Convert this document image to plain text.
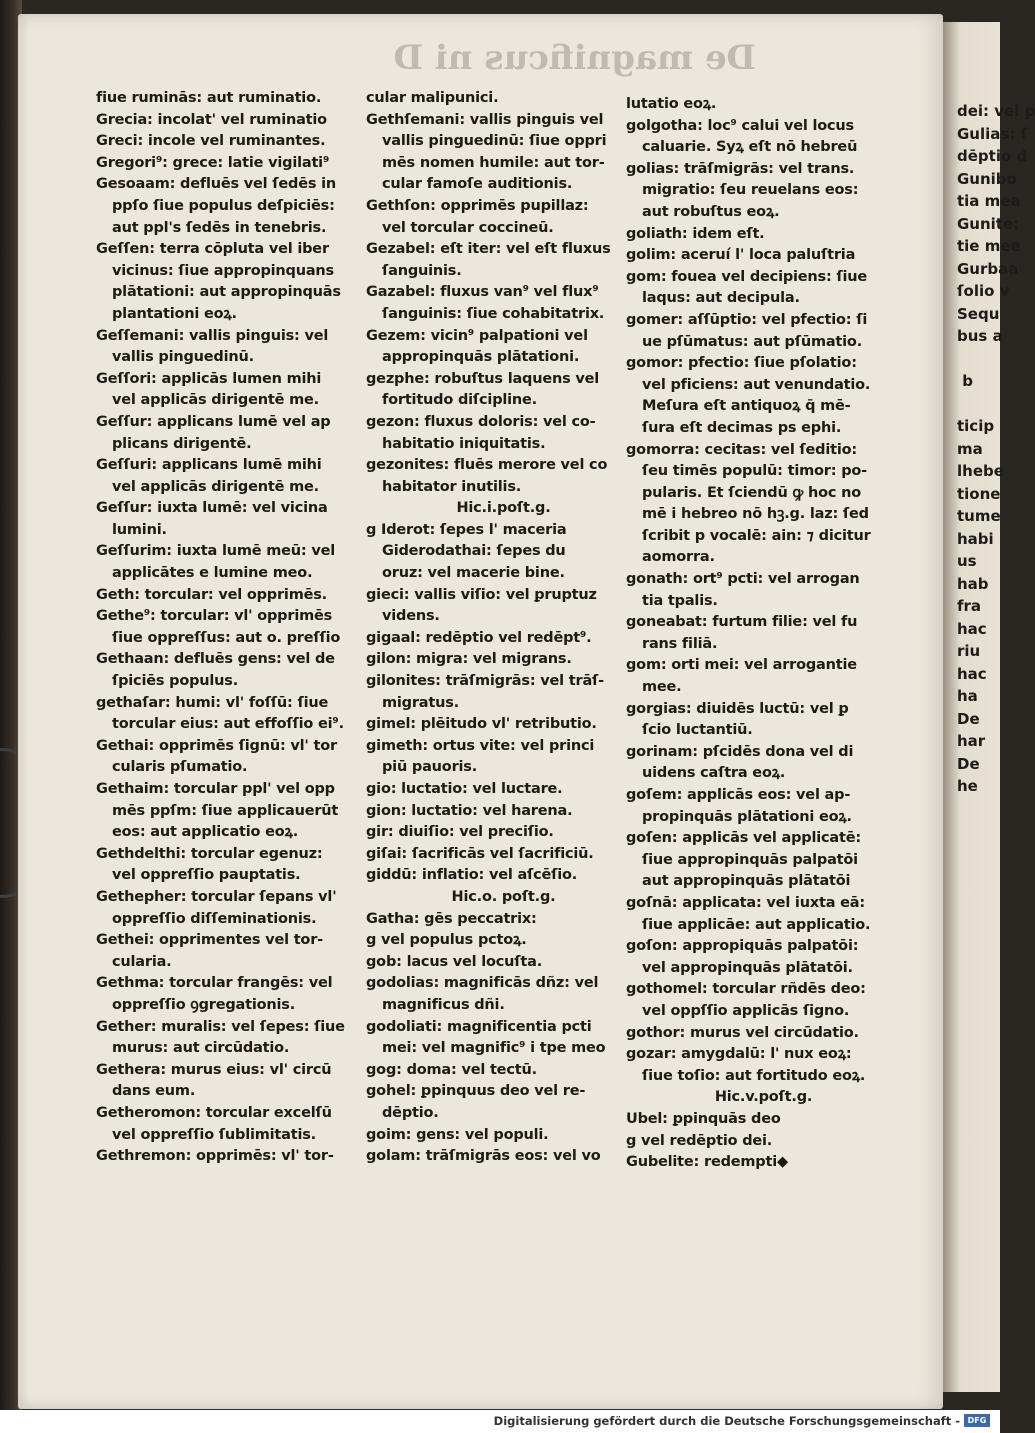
De magnificus ni D
fiue ruminās: aut ruminatio.
Grecia: incolat' vel ruminatio
Greci: incole vel ruminantes.
Gregori⁹: grece: latie vigilati⁹
Gesoaam: defluēs vel ſedēs in
ppſo ſiue populus deſpiciēs:
aut ppl's ſedēs in tenebris.
Geſſen: terra cōpluta vel iber
vicinus: ſiue appropinquans
plātationi: aut appropinquās
plantationi eoꝝ.
Geſſemani: vallis pinguis: vel
vallis pinguedinū.
Geſſori: applicās lumen mihi
vel applicās dirigentē me.
Geſſur: applicans lumē vel ap
plicans dirigentē.
Geſſuri: applicans lumē mihi
vel applicās dirigentē me.
Geſſur: iuxta lumē: vel vicina
lumini.
Geſſurim: iuxta lumē meū: vel
applicātes e lumine meo.
Geth: torcular: vel opprimēs.
Gethe⁹: torcular: vl' opprimēs
ſiue oppreſſus: aut o. preſſio
Gethaan: defluēs gens: vel de
ſpiciēs populus.
gethaſar: humi: vl' foſſū: ſiue
torcular eius: aut effoſſio ei⁹.
Gethai: opprimēs ſignū: vl' tor
cularis pſumatio.
Gethaim: torcular ppl' vel opp
mēs ppſm: ſiue applicauerūt
eos: aut applicatio eoꝝ.
Gethdelthi: torcular egenuz:
vel oppreſſio pauptatis.
Gethepher: torcular ſepans vl'
oppreſſio diſſeminationis.
Gethei: opprimentes vel tor-
cularia.
Gethma: torcular frangēs: vel
oppreſſio ꝯgregationis.
Gether: muralis: vel ſepes: ſiue
murus: aut circūdatio.
Gethera: murus eius: vl' circū
dans eum.
Getheromon: torcular excelſū
vel oppreſſio ſublimitatis.
Gethremon: opprimēs: vl' tor-
cular malipunici.
Gethſemani: vallis pinguis vel
vallis pinguedinū: ſiue oppri
mēs nomen humile: aut tor-
cular famoſe auditionis.
Gethſon: opprimēs pupillaz:
vel torcular coccineū.
Gezabel: eſt iter: vel eſt fluxus
ſanguinis.
Gazabel: fluxus van⁹ vel flux⁹
ſanguinis: ſiue cohabitatrix.
Gezem: vicin⁹ palpationi vel
appropinquās plātationi.
gezphe: robuſtus laquens vel
fortitudo diſcipline.
gezon: fluxus doloris: vel co-
habitatio iniquitatis.
gezonites: fluēs merore vel co
habitator inutilis.
Hic.i.poſt.g.
g Iderot: ſepes l' maceria
Giderodathai: ſepes du
oruz: vel macerie bine.
gieci: vallis viſio: vel ꝑruptuz
videns.
gigaal: redēptio vel redēpt⁹.
gilon: migra: vel migrans.
gilonites: trāſmigrās: vel trāſ-
migratus.
gimel: plēitudo vl' retributio.
gimeth: ortus vite: vel princi
piū pauoris.
gio: luctatio: vel luctare.
gion: luctatio: vel harena.
gir: diuiſio: vel preciſio.
giſai: ſacrificās vel ſacrificiū.
giddū: inflatio: vel aſcēſio.
Hic.o. poſt.g.
Gatha: gēs peccatrix:
g vel populus pctoꝝ.
gob: lacus vel locuſta.
godolias: magnificās dñz: vel
magnificus dñi.
godoliati: magnificentia pcti
mei: vel magnific⁹ i tpe meo
gog: doma: vel tectū.
gohel: ꝑpinquus deo vel re-
dēptio.
goim: gens: vel populi.
golam: trāſmigrās eos: vel vo
lutatio eoꝝ.
golgotha: loc⁹ calui vel locus
caluarie. Syꝝ eſt nō hebreū
golias: trāſmigrās: vel trans.
migratio: ſeu reuelans eos:
aut robuſtus eoꝝ.
goliath: idem eſt.
golim: aceruí l' loca paluſtria
gom: fouea vel decipiens: ſiue
laqus: aut decipula.
gomer: aſſūptio: vel pfectio: ſi
ue pſūmatus: aut pſūmatio.
gomor: pfectio: ſiue pſolatio:
vel pficiens: aut venundatio.
Meſura eſt antiquoꝝ q̄ mē-
ſura eſt decimas ps ephi.
gomorra: cecitas: vel ſeditio:
ſeu timēs populū: timor: po-
pularis. Et ſciendū ꝙ hoc no
mē i hebreo nō hꝫ.g. laz: ſed
ſcribit p vocalē: ain: ⁊ dicitur
aomorra.
gonath: ort⁹ pcti: vel arrogan
tia tpalis.
goneabat: furtum filie: vel fu
rans filiā.
gom: orti mei: vel arrogantie
mee.
gorgias: diuidēs luctū: vel ꝑ
ſcio luctantiū.
gorinam: pſcidēs dona vel di
uidens caſtra eoꝝ.
goſem: applicās eos: vel ap-
propinquās plātationi eoꝝ.
goſen: applicās vel applicatē:
ſiue appropinquās palpatōi
aut appropinquās plātatōi
goſnā: applicata: vel iuxta eā:
ſiue applicāe: aut applicatio.
goſon: appropiquās palpatōi:
vel appropinquās plātatōi.
gothomel: torcular rñdēs deo:
vel oppſſio applicās ſigno.
gothor: murus vel circūdatio.
gozar: amygdalū: l' nux eoꝝ:
ſiue toſio: aut fortitudo eoꝝ.
Hic.v.poſt.g.
Ubel: ꝑpinquās deo
g vel redēptio dei.
Gubelite: redempti◆
dei: vel p
Gulias: ſ
dēptio d
Gunibo
tia mea
Gunite:
tie mee
Gurbaa
ſolio v
Sequ
bus a

b

ticip
ma
lhebe
tione
tume
habi
us
hab
fra
hac
riu
hac
ha
De
har
De
he

Digitalisierung gefördert durch die Deutsche Forschungsgemeinschaft - DFG
